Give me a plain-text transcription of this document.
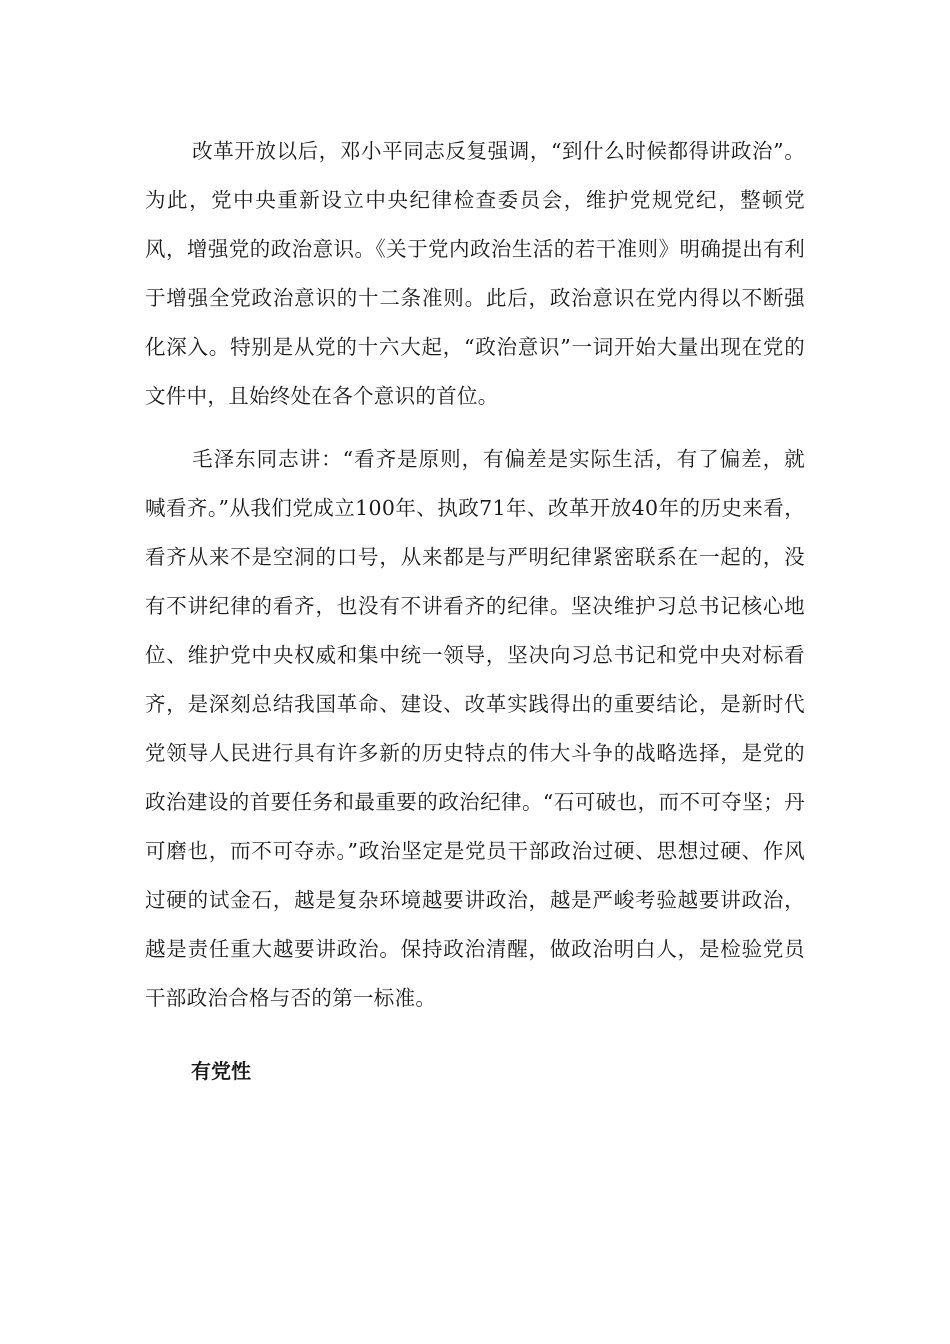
改革开放以后，邓小平同志反复强调，“到什么时候都得讲政治”。为此，党中央重新设立中央纪律检查委员会，维护党规党纪，整顿党风，增强党的政治意识。《关于党内政治生活的若干准则》明确提出有利于增强全党政治意识的十二条准则。此后，政治意识在党内得以不断强化深入。特别是从党的十六大起，“政治意识”一词开始大量出现在党的文件中，且始终处在各个意识的首位。

毛泽东同志讲：“看齐是原则，有偏差是实际生活，有了偏差，就喊看齐。”从我们党成立100年、执政71年、改革开放40年的历史来看，看齐从来不是空洞的口号，从来都是与严明纪律紧密联系在一起的，没有不讲纪律的看齐，也没有不讲看齐的纪律。坚决维护习总书记核心地位、维护党中央权威和集中统一领导，坚决向习总书记和党中央对标看齐，是深刻总结我国革命、建设、改革实践得出的重要结论，是新时代党领导人民进行具有许多新的历史特点的伟大斗争的战略选择，是党的政治建设的首要任务和最重要的政治纪律。“石可破也，而不可夺坚；丹可磨也，而不可夺赤。”政治坚定是党员干部政治过硬、思想过硬、作风过硬的试金石，越是复杂环境越要讲政治，越是严峻考验越要讲政治，越是责任重大越要讲政治。保持政治清醒，做政治明白人，是检验党员干部政治合格与否的第一标准。

有党性
